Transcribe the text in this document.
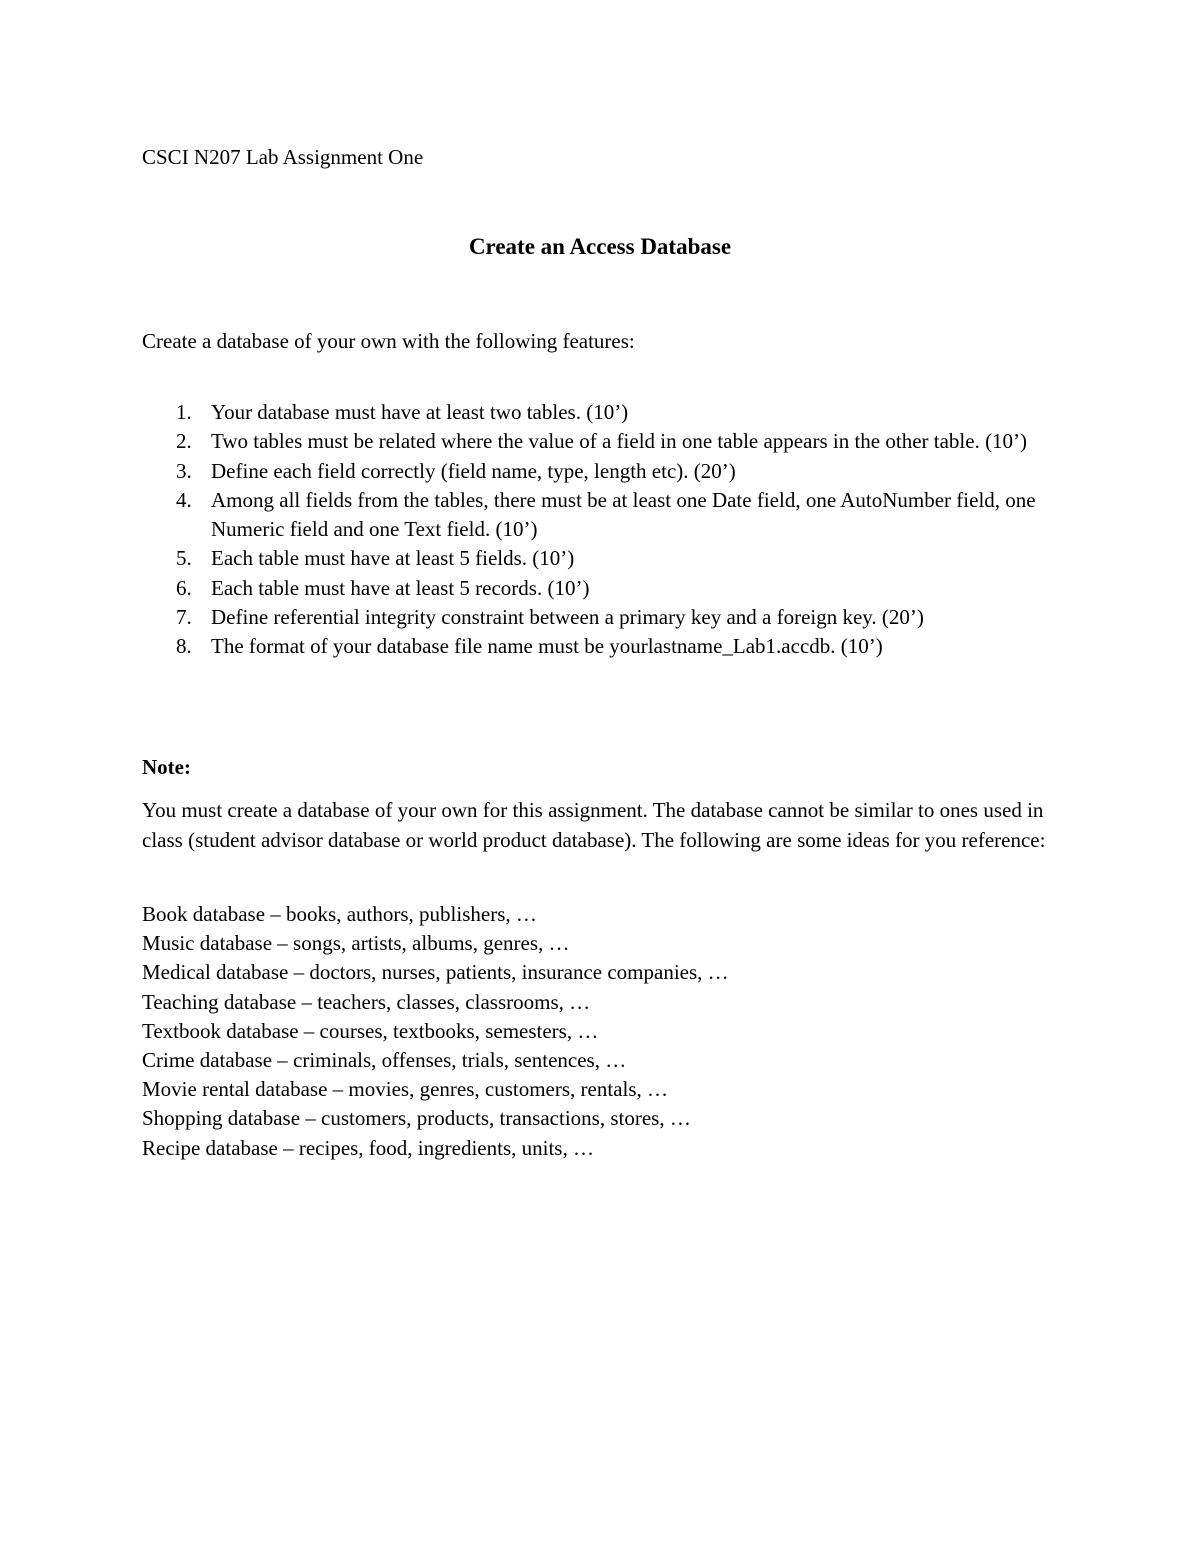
CSCI N207 Lab Assignment One
Create an Access Database
Create a database of your own with the following features:
1. Your database must have at least two tables. (10’)
2. Two tables must be related where the value of a field in one table appears in the other table. (10’)
3. Define each field correctly (field name, type, length etc). (20’)
4. Among all fields from the tables, there must be at least one Date field, one AutoNumber field, one Numeric field and one Text field. (10’)
5. Each table must have at least 5 fields. (10’)
6. Each table must have at least 5 records. (10’)
7. Define referential integrity constraint between a primary key and a foreign key. (20’)
8. The format of your database file name must be yourlastname_Lab1.accdb. (10’)
Note:

You must create a database of your own for this assignment. The database cannot be similar to ones used in class (student advisor database or world product database). The following are some ideas for you reference:

Book database – books, authors, publishers, …
Music database – songs, artists, albums, genres, …
Medical database – doctors, nurses, patients, insurance companies, …
Teaching database – teachers, classes, classrooms, …
Textbook database – courses, textbooks, semesters, …
Crime database – criminals, offenses, trials, sentences, …
Movie rental database – movies, genres, customers, rentals, …
Shopping database – customers, products, transactions, stores, …
Recipe database – recipes, food, ingredients, units, …
